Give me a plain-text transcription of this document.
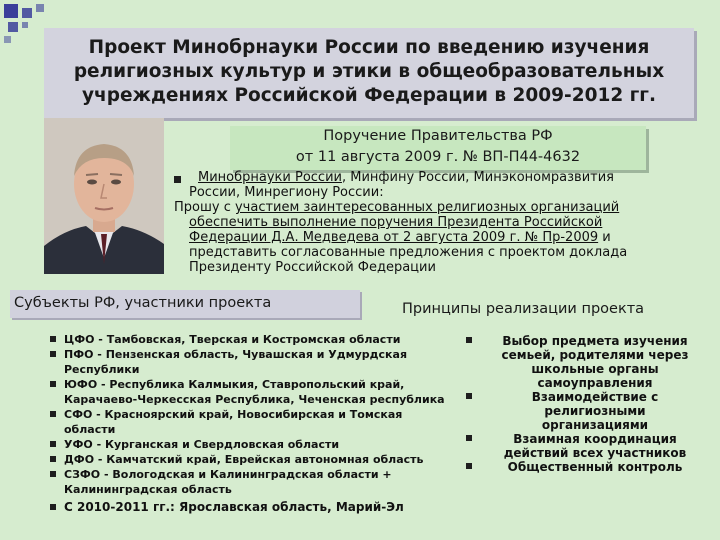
Проект Минобрнауки России по введению изучения
религиозных культур и этики в общеобразовательных
учреждениях Российской Федерации в 2009-2012 гг.
Поручение Правительства РФ
от 11 августа 2009 г. № ВП-П44-4632

Минобрнауки России, Минфину России, Минэкономразвития

России, Минрегиону России:

Прошу с участием заинтересованных религиозных организаций

обеспечить выполнение поручения Президента Российской

Федерации Д.А. Медведева от 2 августа 2009 г. № Пр-2009 и

представить согласованные предложения с проектом доклада

Президенту Российской Федерации

Субъекты РФ, участники проекта	Принципы реализации проекта
ЦФО - Тамбовская, Тверская и Костромская области
ПФО - Пензенская область, Чувашская и Удмурдская
Республики
ЮФО - Республика Калмыкия, Ставропольский край,
Карачаево-Черкесская Республика, Чеченская республика
СФО - Красноярский край, Новосибирская и Томская области
УФО - Курганская и Свердловская области
ДФО - Камчатский край, Еврейская автономная область
СЗФО - Вологодская и Калининградская области +
Калининградская область
С 2010-2011 гг.: Ярославская область, Марий-Эл
Выбор предмета изучения
семьей, родителями через
школьные органы
самоуправления
Взаимодействие с
религиозными
организациями
Взаимная координация
действий всех участников
Общественный контроль
